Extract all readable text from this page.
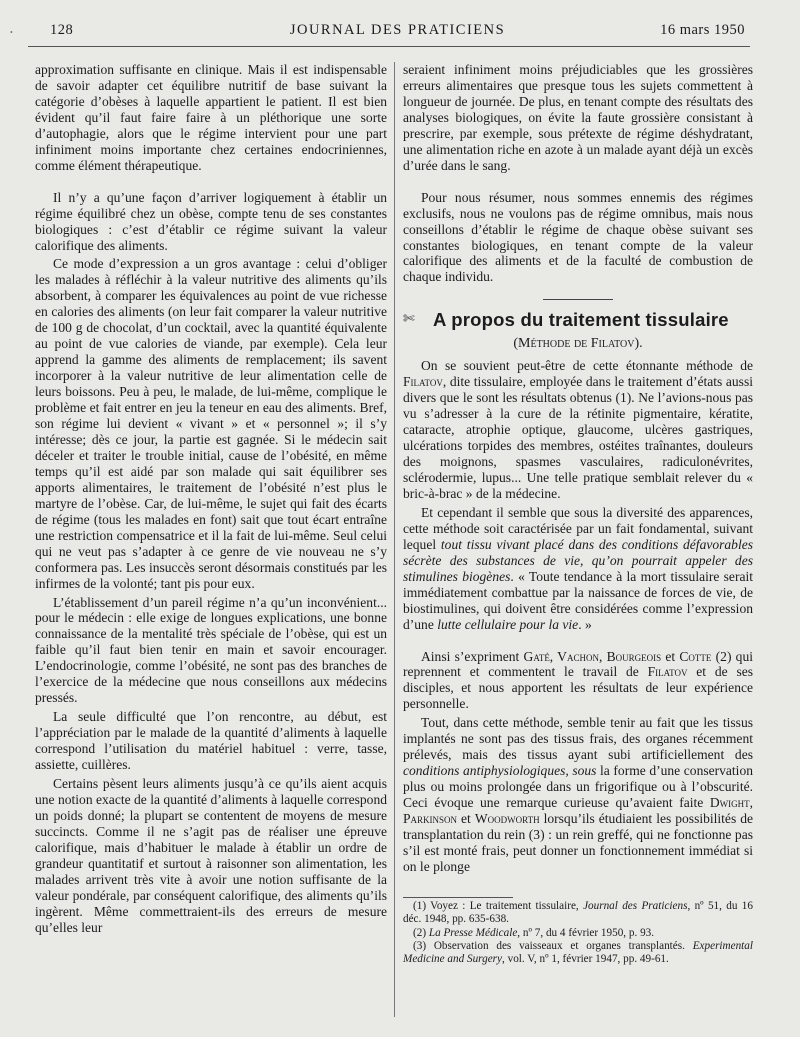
•	128	JOURNAL DES PRATICIENS	16 mars 1950

approximation suffisante en clinique. Mais il est indispensable de savoir adapter cet équilibre nutritif de base suivant la catégorie d’obèses à laquelle appartient le patient. Il est bien évident qu’il faut faire faire à un pléthorique une sorte d’autophagie, alors que le régime intervient pour une part infiniment moins importante chez certaines endocriniennes, comme élément thérapeutique.

Il n’y a qu’une façon d’arriver logiquement à établir un régime équilibré chez un obèse, compte tenu de ses constantes biologiques : c’est d’établir ce régime suivant la valeur calorifique des aliments.

Ce mode d’expression a un gros avantage : celui d’obliger les malades à réfléchir à la valeur nutritive des aliments qu’ils absorbent, à comparer les équivalences au point de vue richesse en calories des aliments (on leur fait comparer la valeur nutritive de 100 g de chocolat, d’un cocktail, avec la quantité équivalente au point de vue calories de viande, par exemple). Cela leur apprend la gamme des aliments de remplacement; ils savent incorporer à la valeur nutritive de leur alimentation celle de leurs boissons. Peu à peu, le malade, de lui-même, complique le problème et fait entrer en jeu la teneur en eau des aliments. Bref, son régime lui devient « vivant » et « personnel »; il s’y intéresse; dès ce jour, la partie est gagnée. Si le médecin sait déceler et traiter le trouble initial, cause de l’obésité, en même temps qu’il est aidé par son malade qui sait équilibrer ses apports alimentaires, le traitement de l’obésité n’est plus le martyre de l’obèse. Car, de lui-même, le sujet qui fait des écarts de régime (tous les malades en font) sait que tout écart entraîne une restriction compensatrice et il la fait de lui-même. Seul celui qui ne veut pas s’adapter à ce genre de vie nouveau ne s’y conformera pas. Les insuccès seront désormais constitués par les infirmes de la volonté; tant pis pour eux.

L’établissement d’un pareil régime n’a qu’un inconvénient... pour le médecin : elle exige de longues explications, une bonne connaissance de la mentalité très spéciale de l’obèse, qui est un faible qu’il faut bien tenir en main et savoir encourager. L’endocrinologie, comme l’obésité, ne sont pas des branches de l’exercice de la médecine que nous conseillons aux médecins pressés.

La seule difficulté que l’on rencontre, au début, est l’appréciation par le malade de la quantité d’aliments à laquelle correspond l’utilisation du matériel habituel : verre, tasse, assiette, cuillères.

Certains pèsent leurs aliments jusqu’à ce qu’ils aient acquis une notion exacte de la quantité d’aliments à laquelle correspond un poids donné; la plupart se contentent de moyens de mesure succincts. Comme il ne s’agit pas de réaliser une épreuve calorifique, mais d’habituer le malade à établir un ordre de grandeur quantitatif et surtout à raisonner son alimentation, les malades arrivent très vite à avoir une notion suffisante de la valeur pondérale, par conséquent calorifique, des aliments qu’ils ingèrent. Même commettraient-ils des erreurs de mesure qu’elles leur

seraient infiniment moins préjudiciables que les grossières erreurs alimentaires que presque tous les sujets commettent à longueur de journée. De plus, en tenant compte des résultats des analyses biologiques, on évite la faute grossière consistant à prescrire, par exemple, sous prétexte de régime déshydratant, une alimentation riche en azote à un malade ayant déjà un excès d’urée dans le sang.

Pour nous résumer, nous sommes ennemis des régimes exclusifs, nous ne voulons pas de régime omnibus, mais nous conseillons d’établir le régime de chaque obèse suivant ses constantes biologiques, en tenant compte de la valeur calorifique des aliments et de la faculté de combustion de chaque individu.

✄ A propos du traitement tissulaire
(Méthode de Filatov).

On se souvient peut-être de cette étonnante méthode de Filatov, dite tissulaire, employée dans le traitement d’états aussi divers que le sont les résultats obtenus (1). Ne l’avions-nous pas vu s’adresser à la cure de la rétinite pigmentaire, kératite, cataracte, atrophie optique, glaucome, ulcères gastriques, ulcérations torpides des membres, ostéites traînantes, douleurs des moignons, spasmes vasculaires, radiculonévrites, sclérodermie, lupus... Une telle pratique semblait relever du « bric-à-brac » de la médecine.

Et cependant il semble que sous la diversité des apparences, cette méthode soit caractérisée par un fait fondamental, suivant lequel tout tissu vivant placé dans des conditions défavorables sécrète des substances de vie, qu’on pourrait appeler des stimulines biogènes. « Toute tendance à la mort tissulaire serait immédiatement combattue par la naissance de forces de vie, de biostimulines, qui doivent être considérées comme l’expression d’une lutte cellulaire pour la vie. »

Ainsi s’expriment Gaté, Vachon, Bourgeois et Cotte (2) qui reprennent et commentent le travail de Filatov et de ses disciples, et nous apportent les résultats de leur expérience personnelle.

Tout, dans cette méthode, semble tenir au fait que les tissus implantés ne sont pas des tissus frais, des organes récemment prélevés, mais des tissus ayant subi artificiellement des conditions antiphysiologiques, sous la forme d’une conservation plus ou moins prolongée dans un frigorifique ou à l’obscurité. Ceci évoque une remarque curieuse qu’avaient faite Dwight, Parkinson et Woodworth lorsqu’ils étudiaient les possibilités de transplantation du rein (3) : un rein greffé, qui ne fonctionne pas s’il est monté frais, peut donner un fonctionnement immédiat si on le plonge

(1) Voyez : Le traitement tissulaire, Journal des Praticiens, nº 51, du 16 déc. 1948, pp. 635-638.

(2) La Presse Médicale, nº 7, du 4 février 1950, p. 93.

(3) Observation des vaisseaux et organes transplantés. Experimental Medicine and Surgery, vol. V, nº 1, février 1947, pp. 49-61.
